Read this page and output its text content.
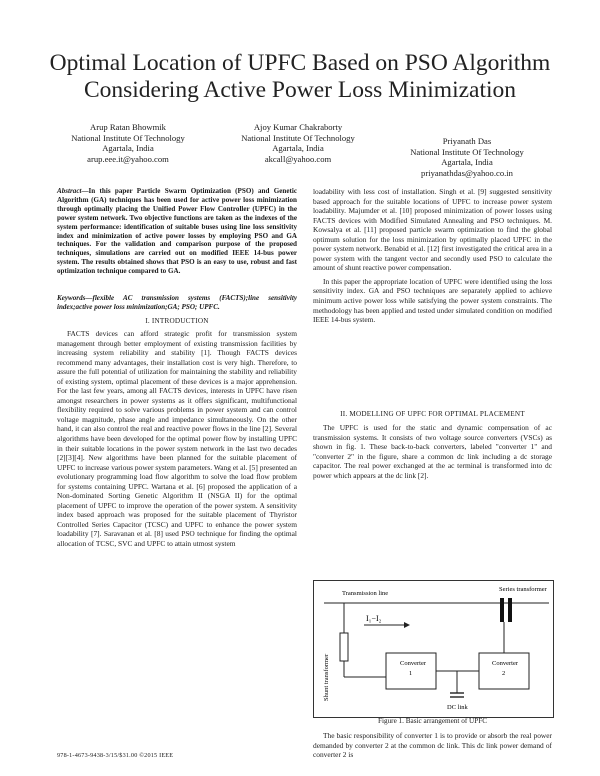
Optimal Location of UPFC Based on PSO Algorithm Considering Active Power Loss Minimization
Arup Ratan Bhowmik
National Institute Of Technology
Agartala, India
arup.eee.it@yahoo.com
Ajoy Kumar Chakraborty
National Institute Of Technology
Agartala, India
akcall@yahoo.com
Priyanath Das
National Institute Of Technology
Agartala, India
priyanathdas@yahoo.co.in

Abstract—In this paper Particle Swarm Optimization (PSO) and Genetic Algorithm (GA) techniques has been used for active power loss minimization through optimally placing the Unified Power Flow Controller (UPFC) in the power system network. Two objective functions are taken as the indexes of the system performance: identification of suitable buses using line loss sensitivity index and minimization of active power losses by employing PSO and GA techniques. For the validation and comparison purpose of the proposed techniques, simulations are carried out on modified IEEE 14-bus power system. The results obtained shows that PSO is an easy to use, robust and fast optimization technique compared to GA.

Keywords—flexible AC transmission systems (FACTS);line sensitivity index;active power loss minimization;GA; PSO; UPFC.
I. INTRODUCTION

FACTS devices can afford strategic profit for transmission system management through better employment of existing transmission facilities by increasing system reliability and stability [1]. Though FACTS devices recommend many advantages, their installation cost is very high. Therefore, to assure the full potential of utilization for maintaining the stability and reliability of existing system, optimal placement of these devices is a major apprehension. For the last few years, among all FACTS devices, interests in UPFC have risen amongst researchers in power systems as it offers significant, multifunctional flexibility required to solve various problems in power system and can control voltage magnitude, phase angle and impedance simultaneously. On the other hand, it can also control the real and reactive power flows in the line [2]. Several algorithms have been developed for the optimal power flow by installing UPFC in their suitable locations in the power system network in the last two decades [2][3][4]. New algorithms have been planned for the suitable placement of UPFC to increase various power system parameters. Wang et al. [5] presented an evolutionary programming load flow algorithm to solve the load flow problem for systems containing UPFC. Wartana et al. [6] proposed the application of a Non-dominated Sorting Genetic Algorithm II (NSGA II) for the optimal placement of UPFC to improve the operation of the power system. A sensitivity index based approach was proposed for the suitable placement of Thyristor Controlled Series Capacitor (TCSC) and UPFC to enhance the power system loadability [7]. Saravanan et al. [8] used PSO technique for finding the optimal allocation of TCSC, SVC and UPFC to attain utmost system

loadability with less cost of installation. Singh et al. [9] suggested sensitivity based approach for the suitable locations of UPFC to increase power system loadability. Majumder et al. [10] proposed minimization of power losses using FACTS devices with Modified Simulated Annealing and PSO techniques. M. Kowsalya et al. [11] proposed particle swarm optimization to find the global optimum solution for the loss minimization by optimally placed UPFC in the power system network. Benabid et al. [12] first investigated the critical area in a power system with the tangent vector and secondly used PSO to calculate the amount of shunt reactive power compensation.

In this paper the appropriate location of UPFC were identified using the loss sensitivity index. GA and PSO techniques are separately applied to achieve minimum active power loss while satisfying the power system constraints. The methodology has been applied and tested under simulated condition on modified IEEE 14-bus system.

II. MODELLING OF UPFC FOR OPTIMAL PLACEMENT

The UPFC is used for the static and dynamic compensation of ac transmission systems. It consists of two voltage source converters (VSCs) as shown in fig. 1. These back-to-back converters, labeled "converter 1" and "converter 2" in the figure, share a common dc link including a dc storage capacitor. The real power exchanged at the ac terminal is transformed into dc power which appears at the dc link [2].

Transmission line
Series transformer
I₁−I₂
Shunt transformer	Converter
1
Converter
2
DC link
Figure 1. Basic arrangement of UPFC

The basic responsibility of converter 1 is to provide or absorb the real power demanded by converter 2 at the common dc link. This dc link power demand of converter 2 is

978-1-4673-9438-3/15/$31.00 ©2015 IEEE
